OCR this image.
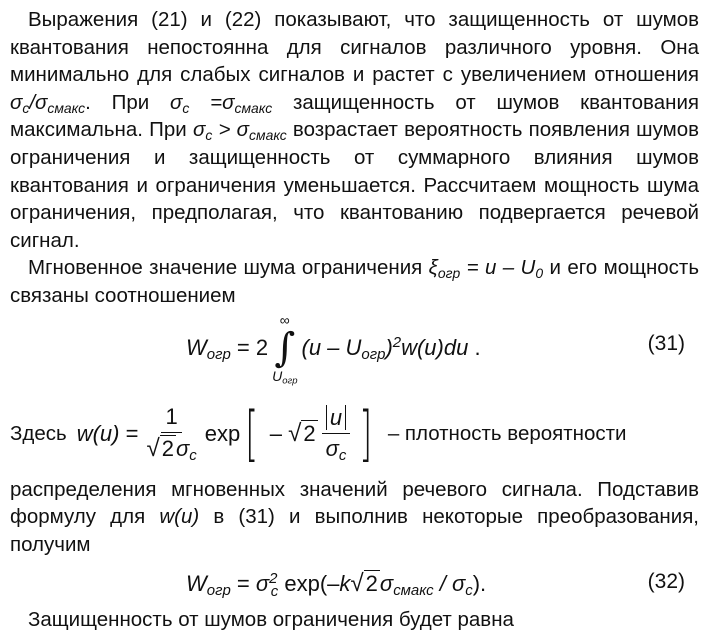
Выражения (21) и (22) показывают, что защищенность от шумов квантования непостоянна для сигналов различного уровня. Она минимально для слабых сигналов и растет с увеличением отношения $\sigma_c/\sigma_{смакс}$. При $\sigma_c =\sigma_{смакс}$ защищенность от шумов квантования максимальна. При $\sigma_c > \sigma_{смакс}$ возрастает вероятность появления шумов ограничения и защищенность от суммарного влияния шумов квантования и ограничения уменьшается. Рассчитаем мощность шума ограничения, предполагая, что квантованию подвергается речевой сигнал.

Мгновенное значение шума ограничения $\xi_{огр} = u - U_0$ и его мощность связаны соотношением

$W_{огр} = 2$
∞
∫
$U_{огр}$
$(u - U_{огр})^2w(u)du$ .	(31)
Здесь $w(u) = \frac{1}{√ 2 \sigma_c}$ exp [ – √ $2 \frac{u}{\sigma_c}$ ] – плотность вероятности

распределения мгновенных значений речевого сигнала. Подставив формулу для w(u) в (31) и выполнив некоторые преобразования, получим

$W_{огр} = \sigma^2_c$ exp(– k √ 2 $\sigma_{смакс} / \sigma_c$ ).	(32)

Защищенность от шумов ограничения будет равна
